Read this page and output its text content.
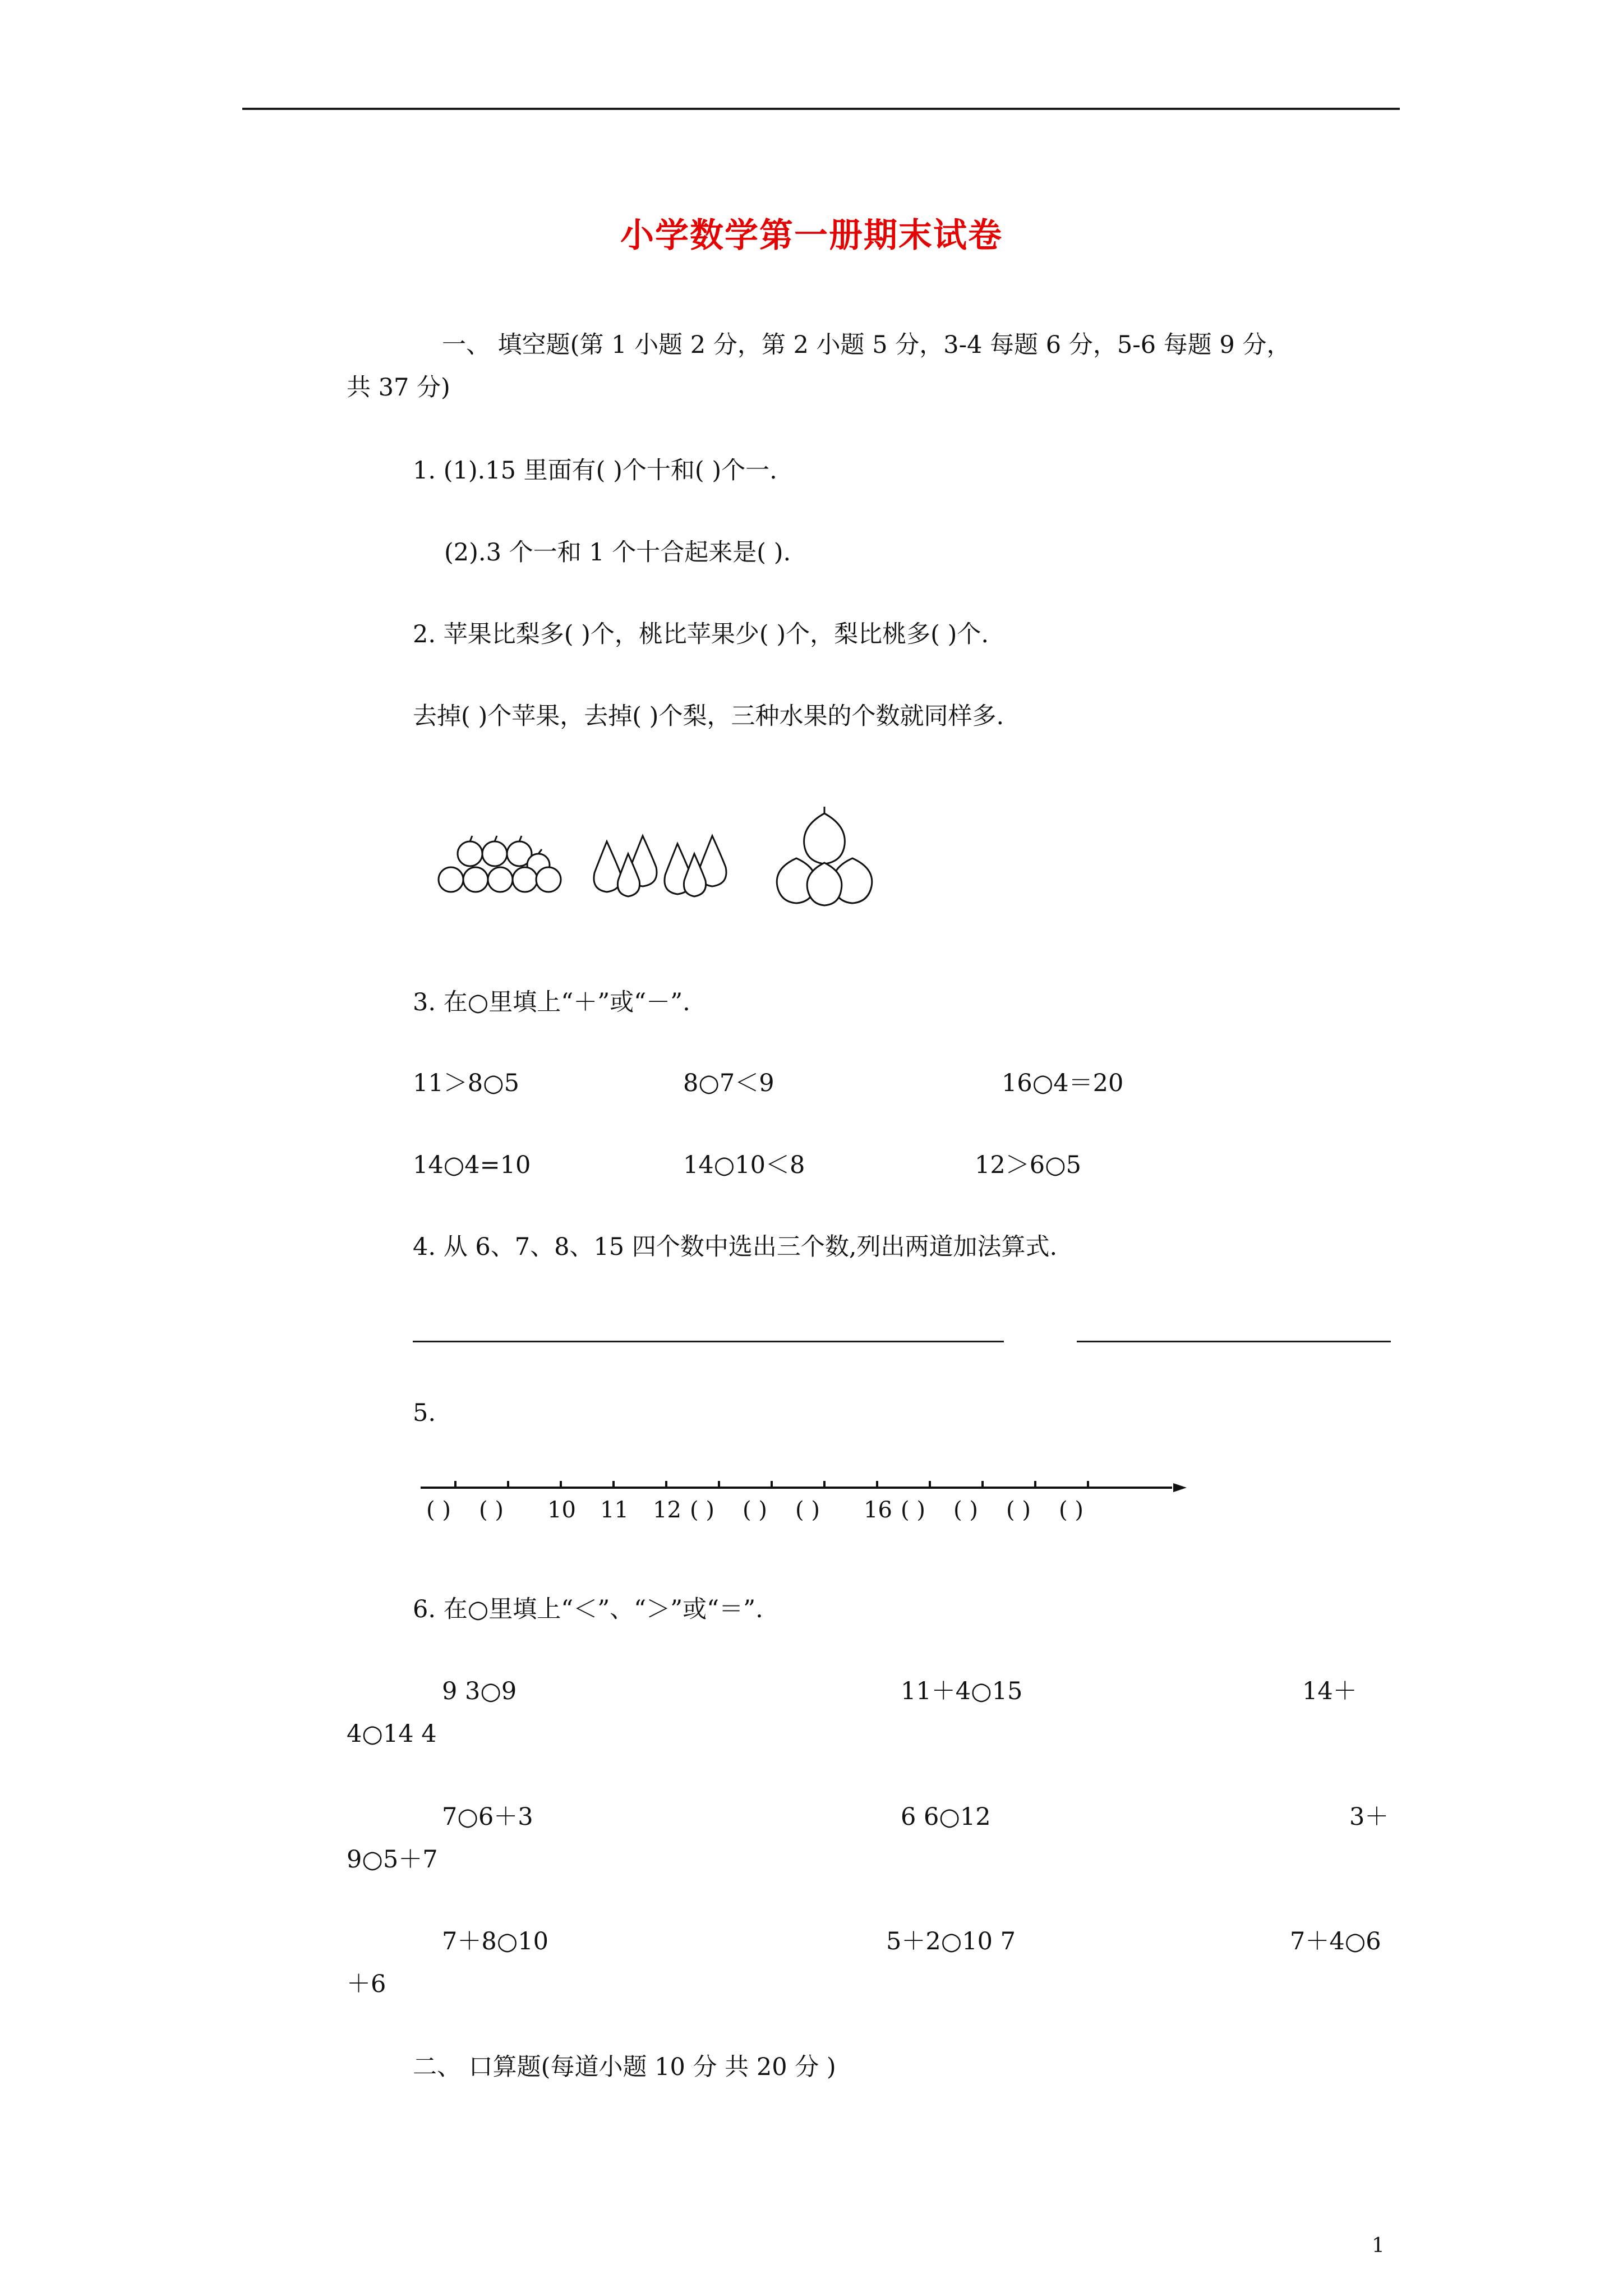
小学数学第一册期末试卷
一、 填空题(第 1 小题 2 分，第 2 小题 5 分，3-4 每题 6 分，5-6 每题 9 分，
共 37 分)
1. (1).15 里面有( )个十和( )个一.
(2).3 个一和 1 个十合起来是( ).
2. 苹果比梨多( )个，桃比苹果少( )个，梨比桃多( )个.
去掉( )个苹果，去掉( )个梨，三种水果的个数就同样多.
3. 在○里填上“＋”或“－”.
11＞8○5	8○7＜9	16○4＝20
14○4=10	14○10＜8	12＞6○5
4. 从 6、7、8、15 四个数中选出三个数,列出两道加法算式.
5.
( ) ( ) 10 11 12 ( ) ( ) ( ) 16 ( ) ( ) ( ) ( )
6. 在○里填上“＜”、“＞”或“＝”.
9 3○9	11＋4○15	14＋
4○14 4
7○6＋3	6 6○12	3＋
9○5＋7
7＋8○10	5＋2○10 7	7＋4○6
＋6
二、 口算题(每道小题 10 分 共 20 分 )
1
